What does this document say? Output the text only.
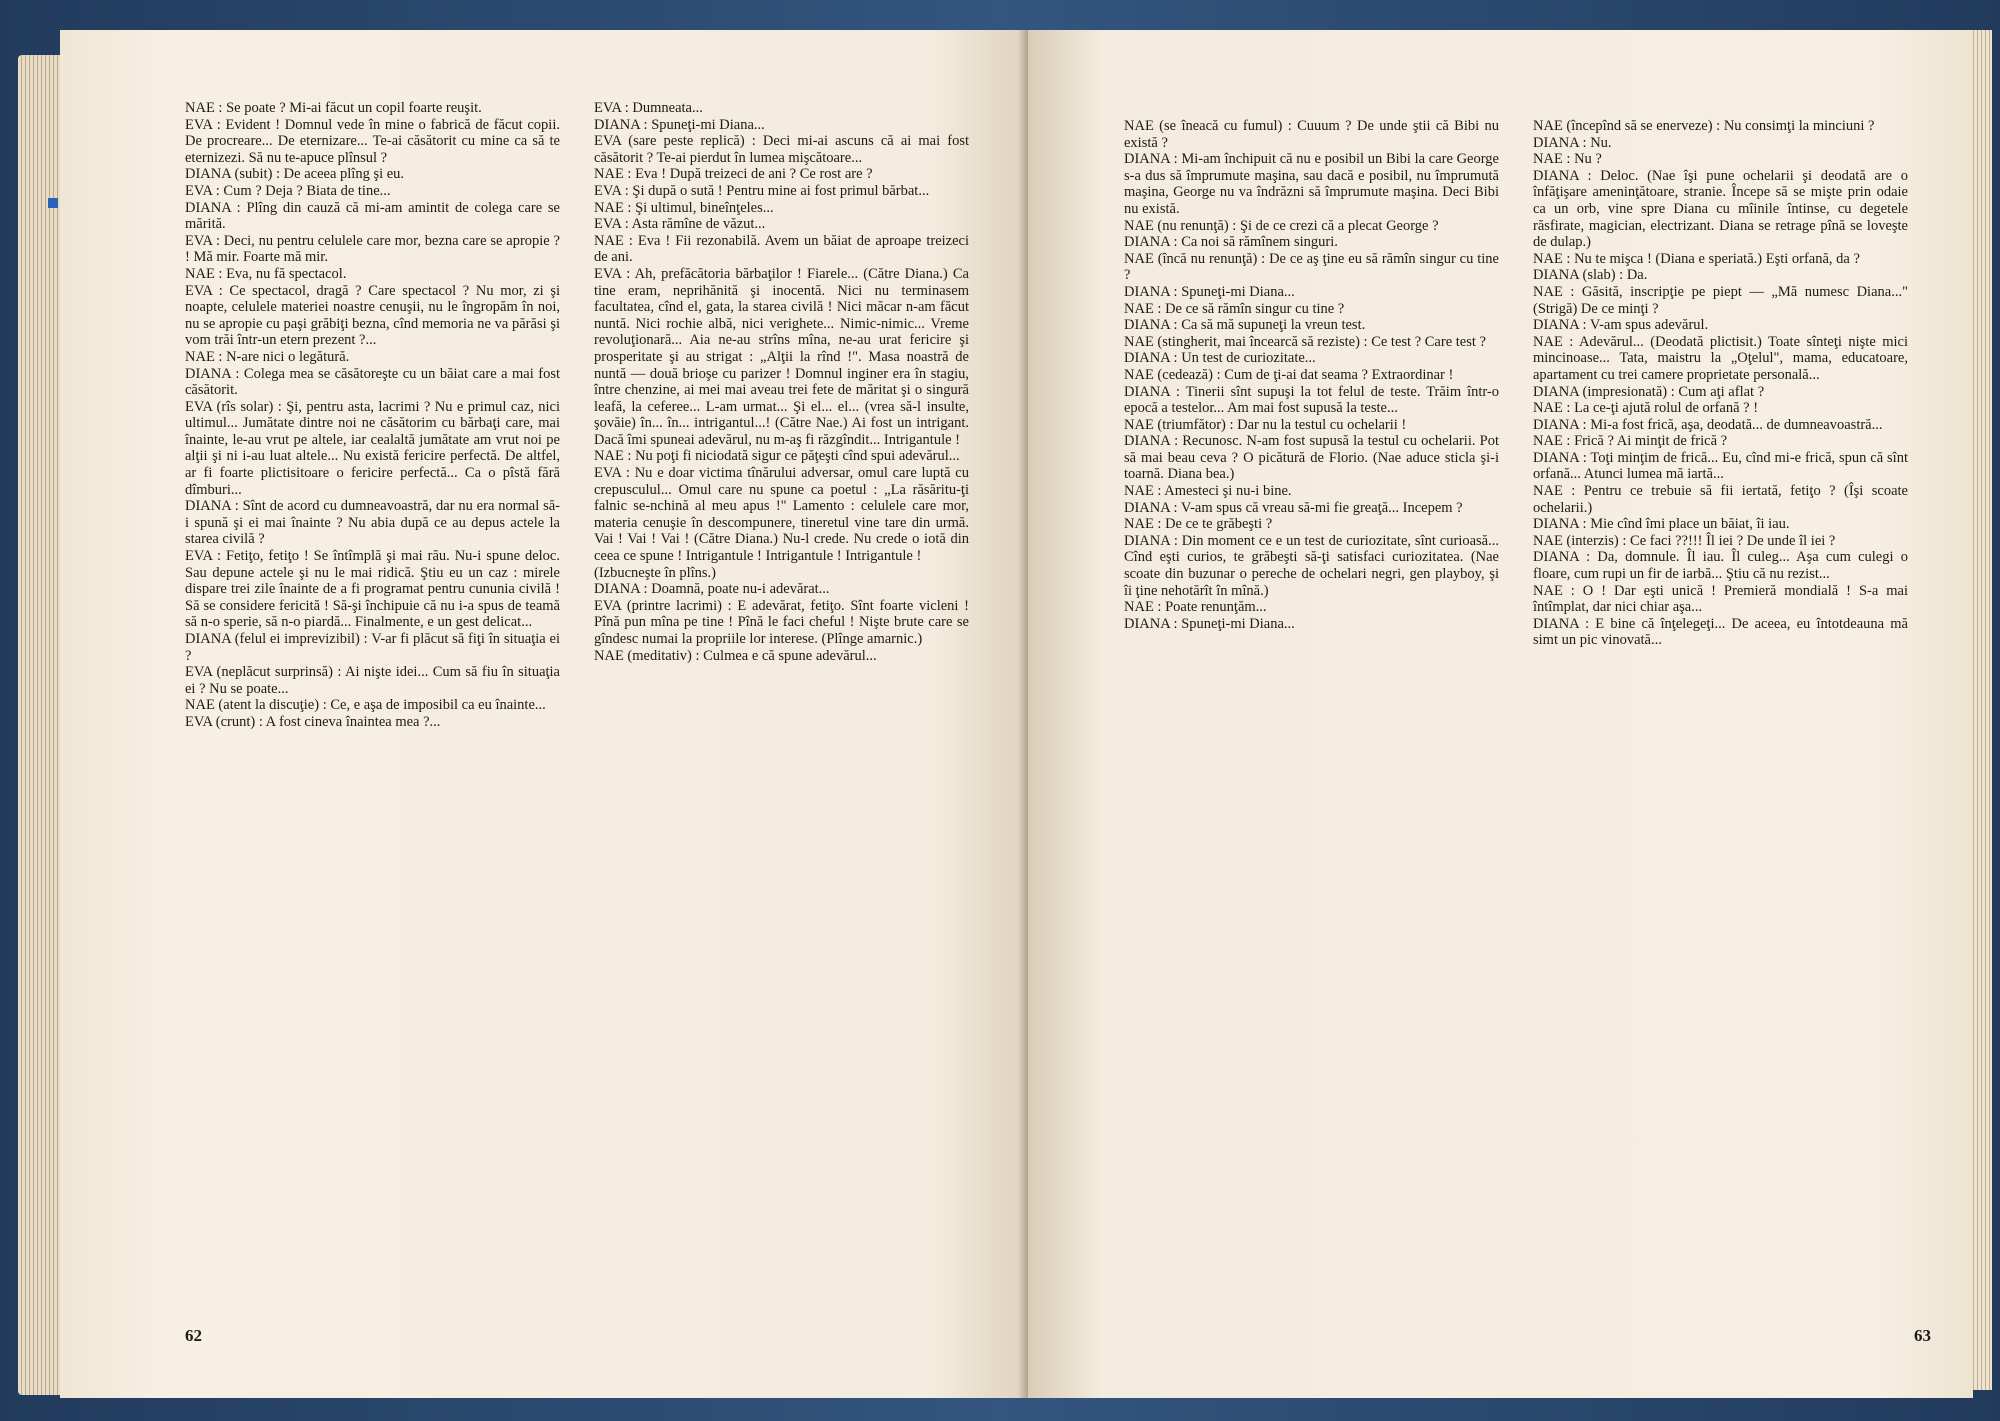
NAE : Se poate ? Mi-ai făcut un copil foarte reuşit.

EVA : Evident ! Domnul vede în mine o fabrică de făcut copii. De procreare... De eternizare... Te-ai căsătorit cu mine ca să te eternizezi. Să nu te-apuce plînsul ?

DIANA (subit) : De aceea plîng şi eu.

EVA : Cum ? Deja ? Biata de tine...

DIANA : Plîng din cauză că mi-am amintit de colega care se mărită.

EVA : Deci, nu pentru celulele care mor, bezna care se apropie ? ! Mă mir. Foarte mă mir.

NAE : Eva, nu fă spectacol.

EVA : Ce spectacol, dragă ? Care spectacol ? Nu mor, zi şi noapte, celulele materiei noastre cenuşii, nu le îngropăm în noi, nu se apropie cu paşi grăbiţi bezna, cînd memoria ne va părăsi şi vom trăi într-un etern prezent ?...

NAE : N-are nici o legătură.

DIANA : Colega mea se căsătoreşte cu un băiat care a mai fost căsătorit.

EVA (rîs solar) : Şi, pentru asta, lacrimi ? Nu e primul caz, nici ultimul... Jumătate dintre noi ne căsătorim cu bărbaţi care, mai înainte, le-au vrut pe altele, iar cealaltă jumătate am vrut noi pe alţii şi ni i-au luat altele... Nu există fericire perfectă. De altfel, ar fi foarte plictisitoare o fericire perfectă... Ca o pîstă fără dîmburi...

DIANA : Sînt de acord cu dumneavoastră, dar nu era normal să-i spună şi ei mai înainte ? Nu abia după ce au depus actele la starea civilă ?

EVA : Fetiţo, fetiţo ! Se întîmplă şi mai rău. Nu-i spune deloc. Sau depune actele şi nu le mai ridică. Ştiu eu un caz : mirele dispare trei zile înainte de a fi programat pentru cununia civilă ! Să se considere fericită ! Să-şi închipuie că nu i-a spus de teamă să n-o sperie, să n-o piardă... Finalmente, e un gest delicat...

DIANA (felul ei imprevizibil) : V-ar fi plăcut să fiţi în situaţia ei ?

EVA (neplăcut surprinsă) : Ai nişte idei... Cum să fiu în situaţia ei ? Nu se poate...

NAE (atent la discuţie) : Ce, e aşa de imposibil ca eu înainte...

EVA (crunt) : A fost cineva înaintea mea ?...

EVA : Dumneata...

DIANA : Spuneţi-mi Diana...

EVA (sare peste replică) : Deci mi-ai ascuns că ai mai fost căsătorit ? Te-ai pierdut în lumea mişcătoare...

NAE : Eva ! După treizeci de ani ? Ce rost are ?

EVA : Şi după o sută ! Pentru mine ai fost primul bărbat...

NAE : Şi ultimul, bineînţeles...

EVA : Asta rămîne de văzut...

NAE : Eva ! Fii rezonabilă. Avem un băiat de aproape treizeci de ani.

EVA : Ah, prefăcătoria bărbaţilor ! Fiarele... (Către Diana.) Ca tine eram, neprihănită şi inocentă. Nici nu terminasem facultatea, cînd el, gata, la starea civilă ! Nici măcar n-am făcut nuntă. Nici rochie albă, nici verighete... Nimic-nimic... Vreme revoluţionară... Aia ne-au strîns mîna, ne-au urat fericire şi prosperitate şi au strigat : „Alţii la rînd !". Masa noastră de nuntă — două brioşe cu parizer ! Domnul inginer era în stagiu, între chenzine, ai mei mai aveau trei fete de măritat şi o singură leafă, la ceferee... L-am urmat... Şi el... el... (vrea să-l insulte, şovăie) în... în... intrigantul...! (Către Nae.) Ai fost un intrigant. Dacă îmi spuneai adevărul, nu m-aş fi răzgîndit... Intrigantule !

NAE : Nu poţi fi niciodată sigur ce păţeşti cînd spui adevărul...

EVA : Nu e doar victima tînărului adversar, omul care luptă cu crepusculul... Omul care nu spune ca poetul : „La răsăritu-ţi falnic se-nchină al meu apus !" Lamento : celulele care mor, materia cenuşie în descompunere, tineretul vine tare din urmă. Vai ! Vai ! Vai ! (Către Diana.) Nu-l crede. Nu crede o iotă din ceea ce spune ! Intrigantule ! Intrigantule ! Intrigantule !

(Izbucneşte în plîns.)

DIANA : Doamnă, poate nu-i adevărat...

EVA (printre lacrimi) : E adevărat, fetiţo. Sînt foarte vicleni ! Pînă pun mîna pe tine ! Pînă le faci cheful ! Nişte brute care se gîndesc numai la propriile lor interese. (Plînge amarnic.)

NAE (meditativ) : Culmea e că spune adevărul...

62

NAE (se îneacă cu fumul) : Cuuum ? De unde ştii că Bibi nu există ?

DIANA : Mi-am închipuit că nu e posibil un Bibi la care George s-a dus să împrumute maşina, sau dacă e posibil, nu împrumută maşina, George nu va îndrăzni să împrumute maşina. Deci Bibi nu există.

NAE (nu renunţă) : Şi de ce crezi că a plecat George ?

DIANA : Ca noi să rămînem singuri.

NAE (încă nu renunţă) : De ce aş ţine eu să rămîn singur cu tine ?

DIANA : Spuneţi-mi Diana...

NAE : De ce să rămîn singur cu tine ?

DIANA : Ca să mă supuneţi la vreun test.

NAE (stingherit, mai încearcă să reziste) : Ce test ? Care test ?

DIANA : Un test de curiozitate...

NAE (cedează) : Cum de ţi-ai dat seama ? Extraordinar !

DIANA : Tinerii sînt supuşi la tot felul de teste. Trăim într-o epocă a testelor... Am mai fost supusă la teste...

NAE (triumfător) : Dar nu la testul cu ochelarii !

DIANA : Recunosc. N-am fost supusă la testul cu ochelarii. Pot să mai beau ceva ? O picătură de Florio. (Nae aduce sticla şi-i toarnă. Diana bea.)

NAE : Amesteci şi nu-i bine.

DIANA : V-am spus că vreau să-mi fie greaţă... Incepem ?

NAE : De ce te grăbeşti ?

DIANA : Din moment ce e un test de curiozitate, sînt curioasă... Cînd eşti curios, te grăbeşti să-ţi satisfaci curiozitatea. (Nae scoate din buzunar o pereche de ochelari negri, gen playboy, şi îi ţine nehotărît în mînă.)

NAE : Poate renunţăm...

DIANA : Spuneţi-mi Diana...

NAE (începînd să se enerveze) : Nu consimţi la minciuni ?

DIANA : Nu.

NAE : Nu ?

DIANA : Deloc. (Nae îşi pune ochelarii şi deodată are o înfăţişare ameninţătoare, stranie. Începe să se mişte prin odaie ca un orb, vine spre Diana cu mîinile întinse, cu degetele răsfirate, magician, electrizant. Diana se retrage pînă se loveşte de dulap.)

NAE : Nu te mişca ! (Diana e speriată.) Eşti orfană, da ?

DIANA (slab) : Da.

NAE : Găsită, inscripţie pe piept — „Mă numesc Diana..." (Strigă) De ce minţi ?

DIANA : V-am spus adevărul.

NAE : Adevărul... (Deodată plictisit.) Toate sînteţi nişte mici mincinoase... Tata, maistru la „Oţelul", mama, educatoare, apartament cu trei camere proprietate personală...

DIANA (impresionată) : Cum aţi aflat ?

NAE : La ce-ţi ajută rolul de orfană ? !

DIANA : Mi-a fost frică, aşa, deodată... de dumneavoastră...

NAE : Frică ? Ai minţit de frică ?

DIANA : Toţi minţim de frică... Eu, cînd mi-e frică, spun că sînt orfană... Atunci lumea mă iartă...

NAE : Pentru ce trebuie să fii iertată, fetiţo ? (Îşi scoate ochelarii.)

DIANA : Mie cînd îmi place un băiat, îi iau.

NAE (interzis) : Ce faci ??!!! Îl iei ? De unde îl iei ?

DIANA : Da, domnule. Îl iau. Îl culeg... Aşa cum culegi o floare, cum rupi un fir de iarbă... Ştiu că nu rezist...

NAE : O ! Dar eşti unică ! Premieră mondială ! S-a mai întîmplat, dar nici chiar aşa...

DIANA : E bine că înţelegeţi... De aceea, eu întotdeauna mă simt un pic vinovată...

63
